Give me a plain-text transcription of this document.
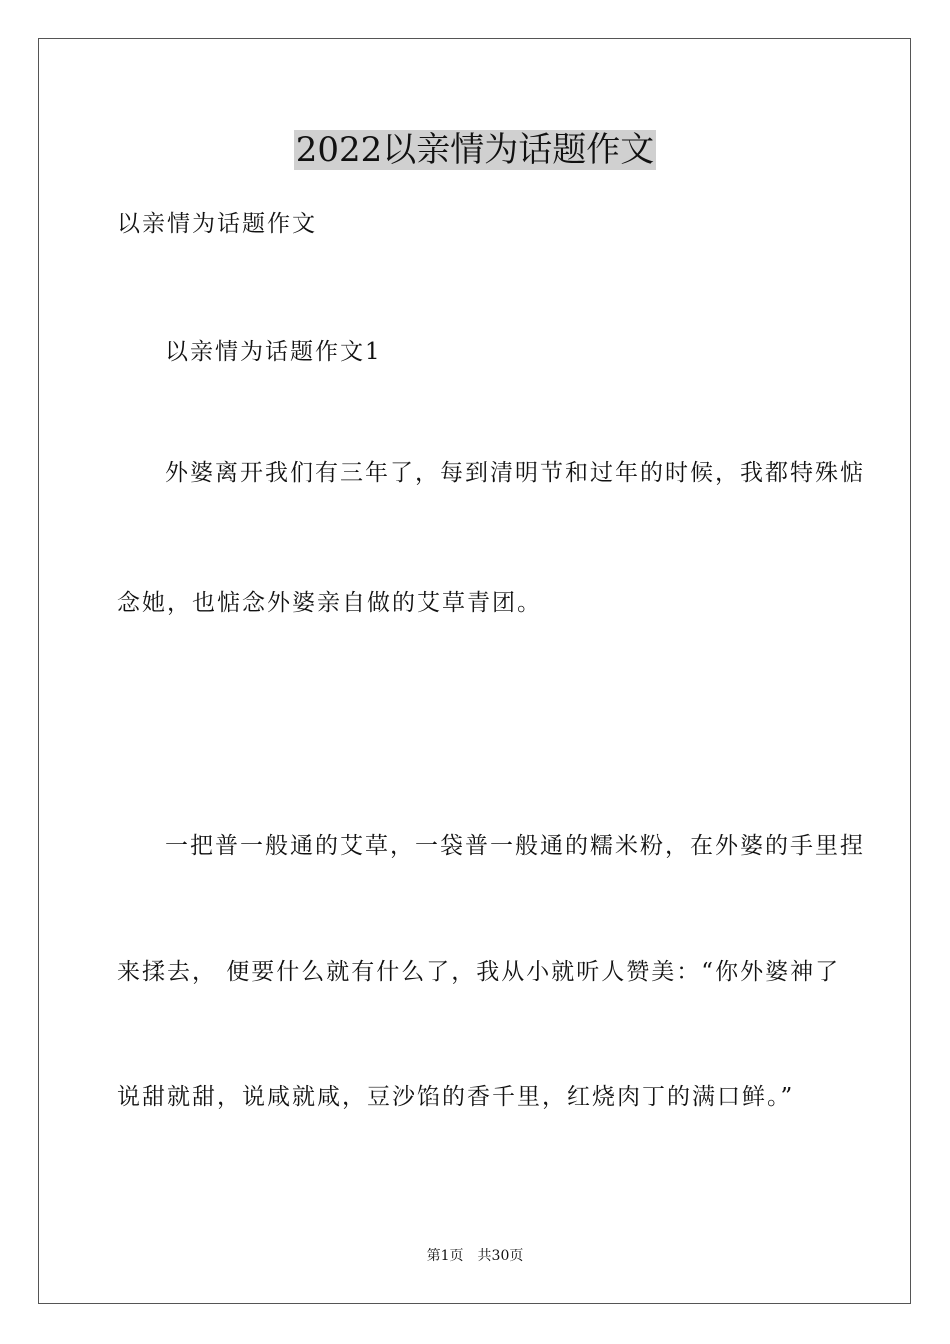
2022以亲情为话题作文

以亲情为话题作文

以亲情为话题作文1

外婆离开我们有三年了，每到清明节和过年的时候，我都特殊惦

念她，也惦念外婆亲自做的艾草青团。

一把普一般通的艾草，一袋普一般通的糯米粉，在外婆的手里捏

来揉去， 便要什么就有什么了，我从小就听人赞美：“你外婆神了

说甜就甜，说咸就咸，豆沙馅的香千里，红烧肉丁的满口鲜。”

第1页 共30页
